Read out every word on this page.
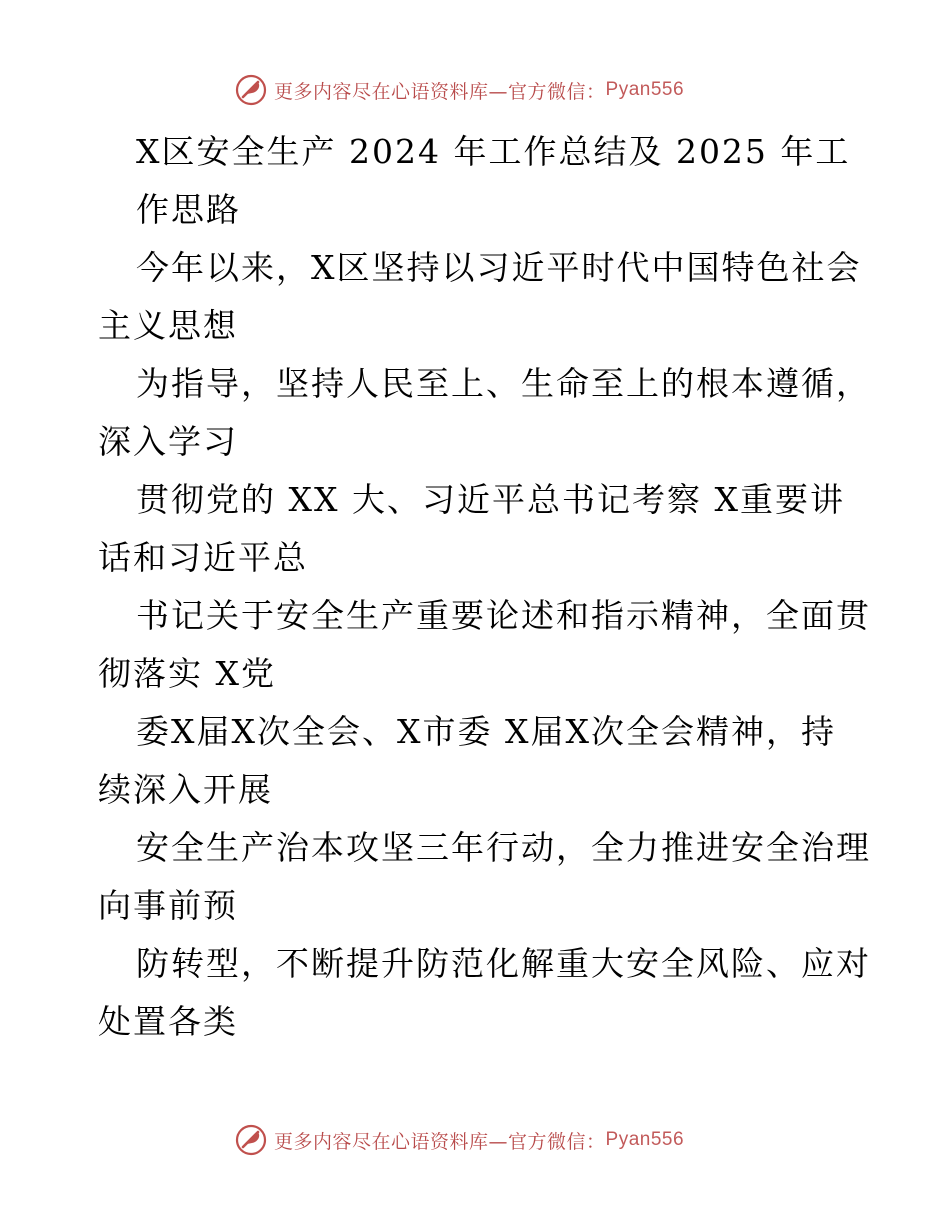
更多内容尽在心语资料库—官方微信： Pyan556
X区安全生产 2024 年工作总结及 2025 年工
作思路
今年以来，X区坚持以习近平时代中国特色社会
主义思想
为指导，坚持人民至上、生命至上的根本遵循，
深入学习
贯彻党的 XX 大、习近平总书记考察 X重要讲
话和习近平总
书记关于安全生产重要论述和指示精神，全面贯
彻落实 X党
委X届X次全会、X市委 X届X次全会精神，持
续深入开展
安全生产治本攻坚三年行动，全力推进安全治理
向事前预
防转型，不断提升防范化解重大安全风险、应对
处置各类
更多内容尽在心语资料库—官方微信： Pyan556
